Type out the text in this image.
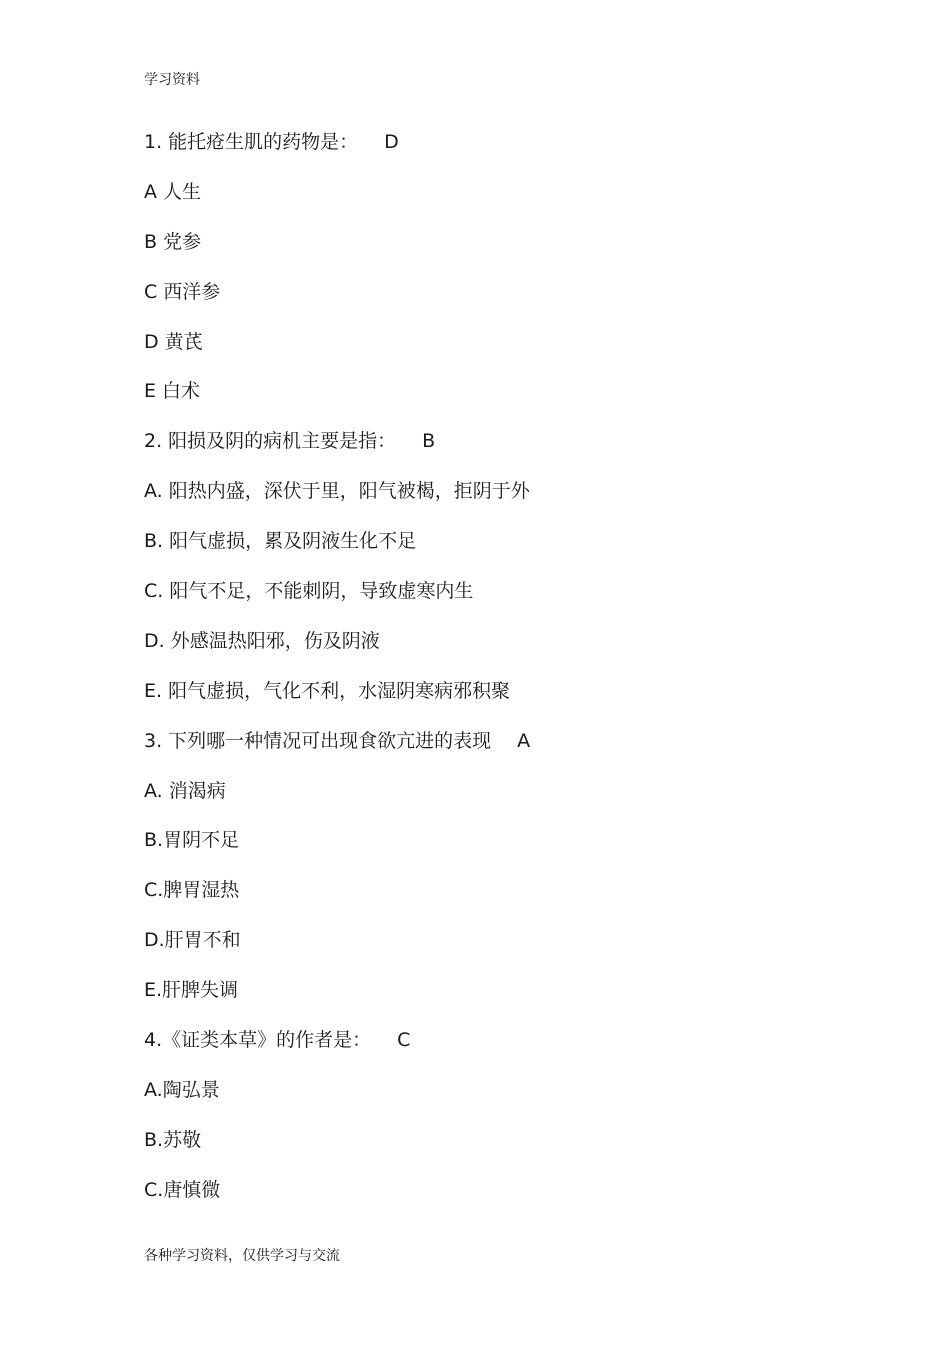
学习资料
1. 能托疮生肌的药物是： D
A 人生
B 党参
C 西洋参
D 黄芪
E 白术
2. 阳损及阴的病机主要是指： B
A. 阳热内盛，深伏于里，阳气被楬，拒阴于外
B. 阳气虚损，累及阴液生化不足
C. 阳气不足，不能刺阴，导致虚寒内生
D. 外感温热阳邪，伤及阴液
E. 阳气虚损，气化不利，水湿阴寒病邪积聚
3. 下列哪一种情况可出现食欲亢进的表现 A
A. 消渴病
B.胃阴不足
C.脾胃湿热
D.肝胃不和
E.肝脾失调
4.《证类本草》的作者是： C
A.陶弘景
B.苏敬
C.唐慎微
各种学习资料，仅供学习与交流
